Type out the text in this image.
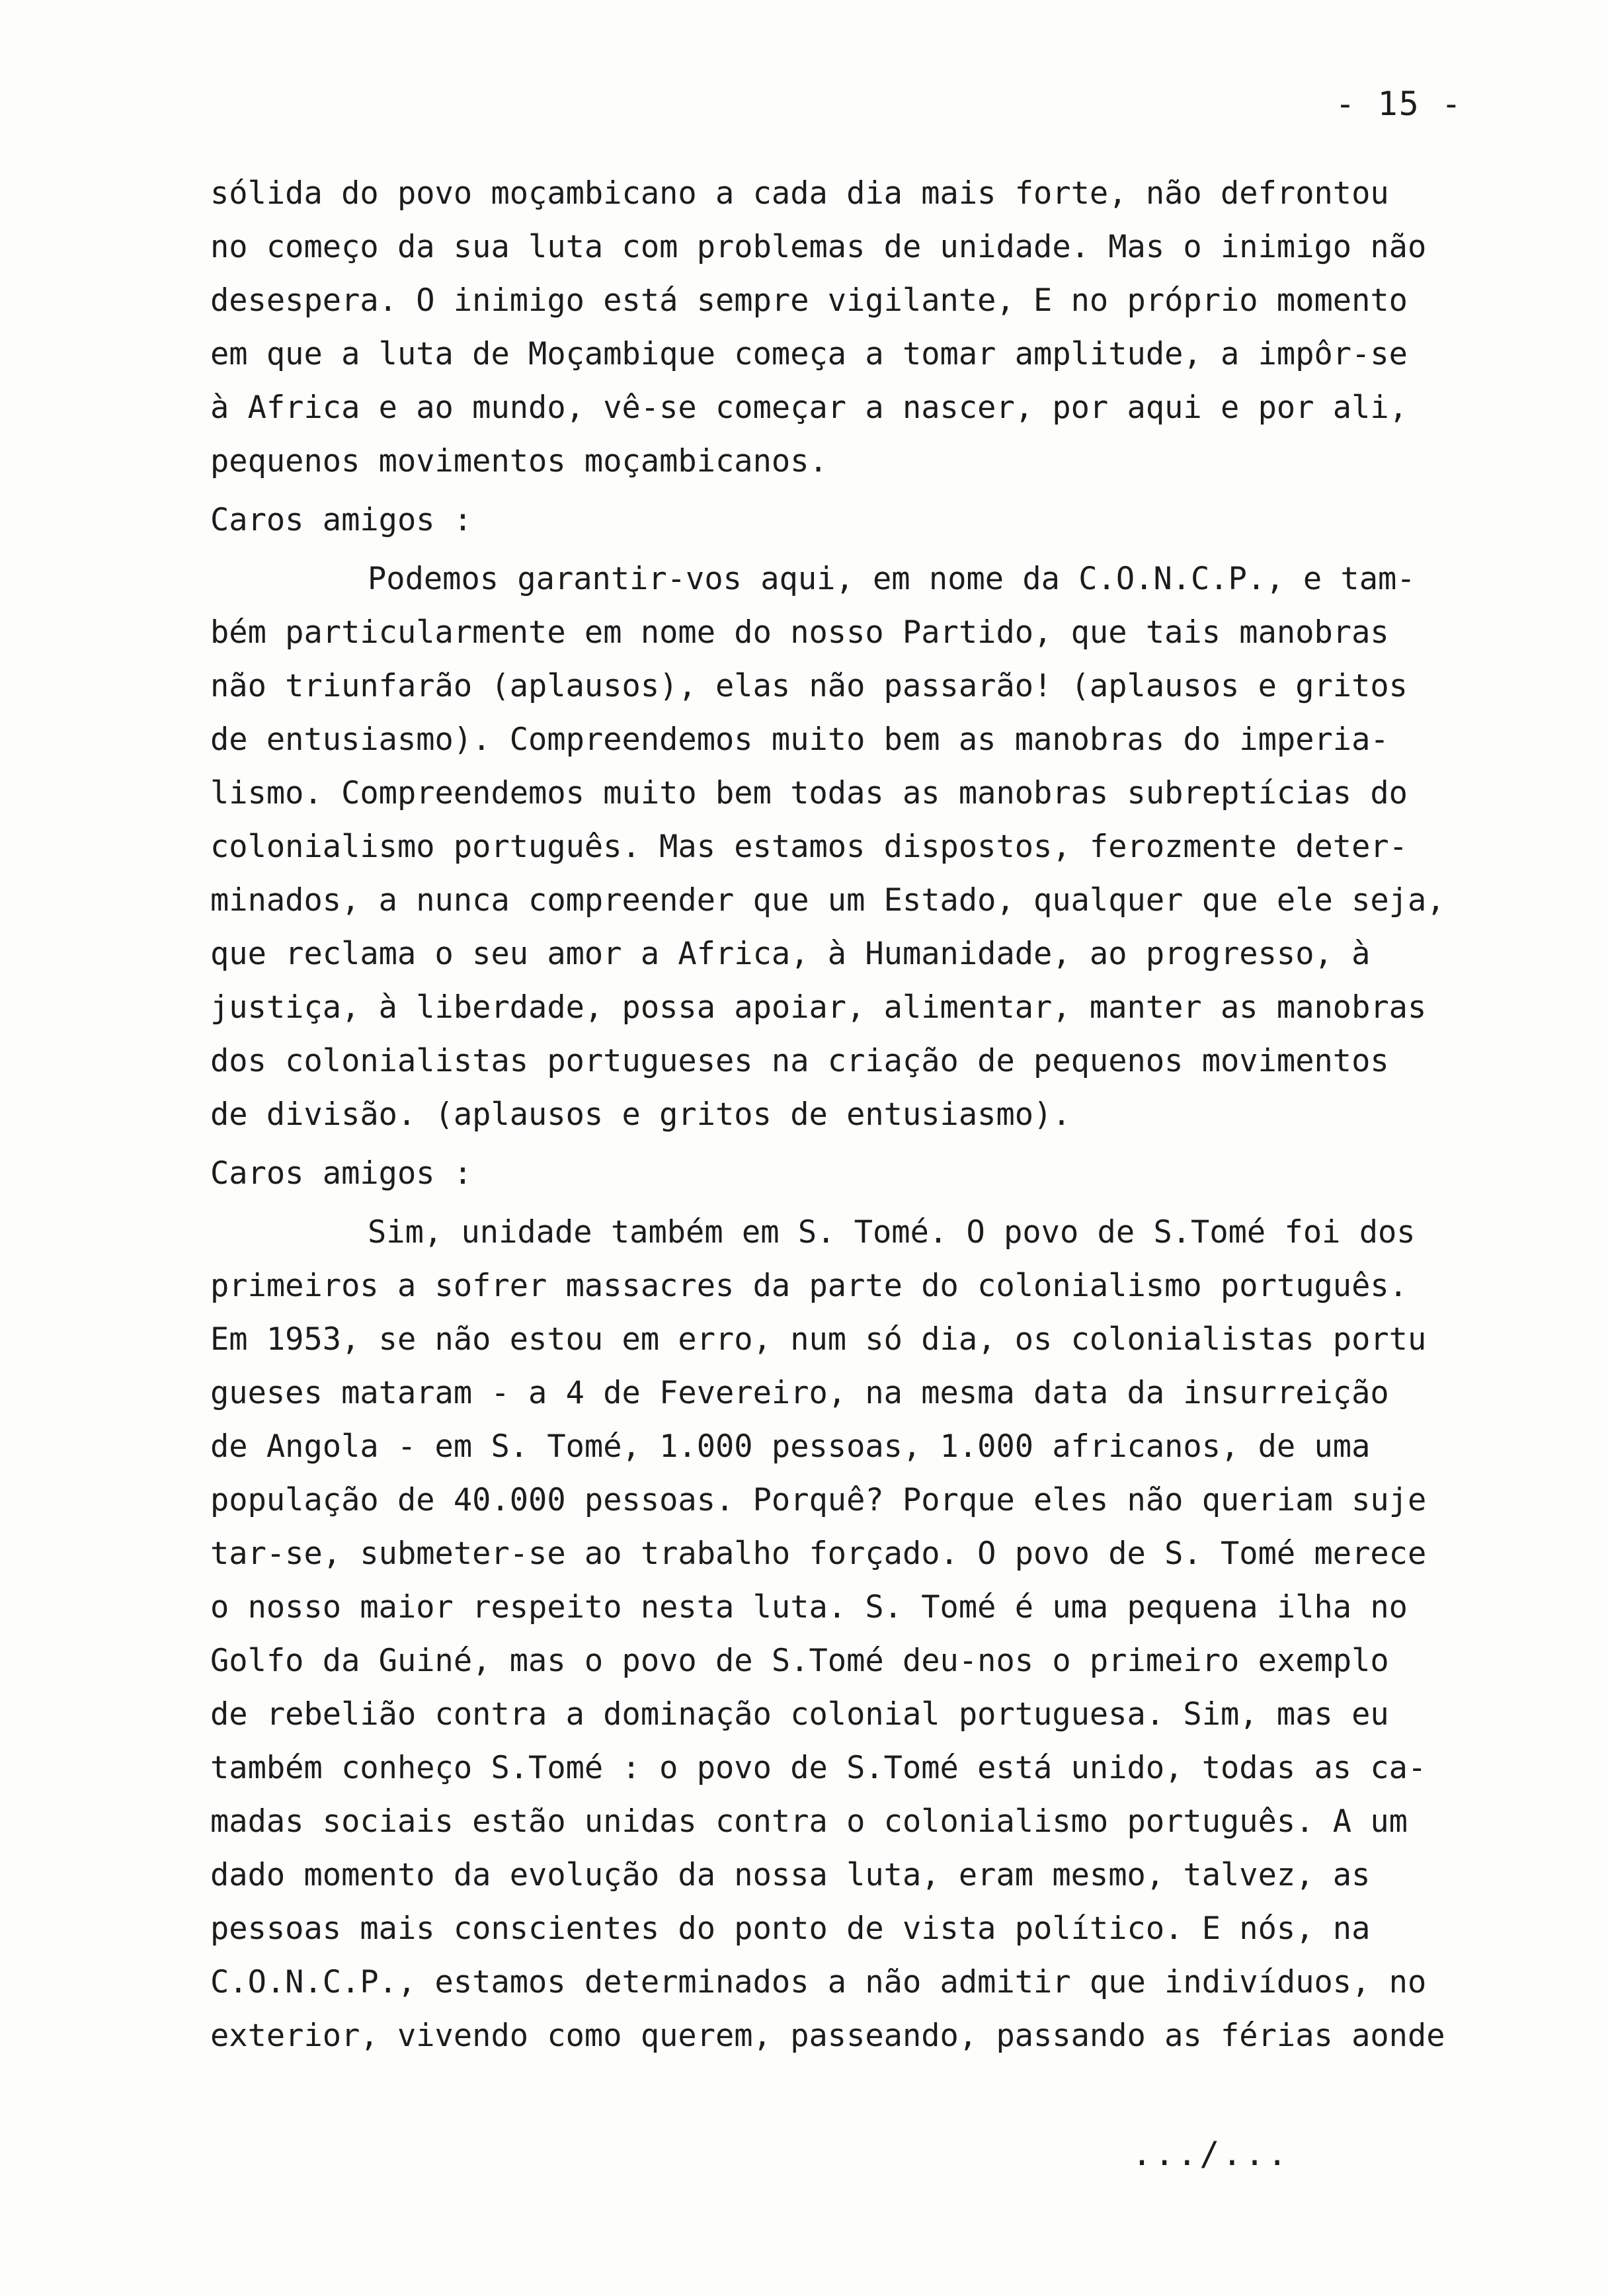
- 15 -
sólida do povo moçambicano a cada dia mais forte, não defrontou
no começo da sua luta com problemas de unidade. Mas o inimigo não
desespera. O inimigo está sempre vigilante, E no próprio momento
em que a luta de Moçambique começa a tomar amplitude, a impôr-se
à Africa e ao mundo, vê-se começar a nascer, por aqui e por ali,
pequenos movimentos moçambicanos.
Caros amigos :
Podemos garantir-vos aqui, em nome da C.O.N.C.P., e tam-
bém particularmente em nome do nosso Partido, que tais manobras
não triunfarão (aplausos), elas não passarão! (aplausos e gritos
de entusiasmo). Compreendemos muito bem as manobras do imperia-
lismo. Compreendemos muito bem todas as manobras subreptícias do
colonialismo português. Mas estamos dispostos, ferozmente deter-
minados, a nunca compreender que um Estado, qualquer que ele seja,
que reclama o seu amor a Africa, à Humanidade, ao progresso, à
justiça, à liberdade, possa apoiar, alimentar, manter as manobras
dos colonialistas portugueses na criação de pequenos movimentos
de divisão. (aplausos e gritos de entusiasmo).
Caros amigos :
Sim, unidade também em S. Tomé. O povo de S.Tomé foi dos
primeiros a sofrer massacres da parte do colonialismo português.
Em 1953, se não estou em erro, num só dia, os colonialistas portu
gueses mataram - a 4 de Fevereiro, na mesma data da insurreição
de Angola - em S. Tomé, 1.000 pessoas, 1.000 africanos, de uma
população de 40.000 pessoas. Porquê? Porque eles não queriam suje
tar-se, submeter-se ao trabalho forçado. O povo de S. Tomé merece
o nosso maior respeito nesta luta. S. Tomé é uma pequena ilha no
Golfo da Guiné, mas o povo de S.Tomé deu-nos o primeiro exemplo
de rebelião contra a dominação colonial portuguesa. Sim, mas eu
também conheço S.Tomé : o povo de S.Tomé está unido, todas as ca-
madas sociais estão unidas contra o colonialismo português. A um
dado momento da evolução da nossa luta, eram mesmo, talvez, as
pessoas mais conscientes do ponto de vista político. E nós, na
C.O.N.C.P., estamos determinados a não admitir que indivíduos, no
exterior, vivendo como querem, passeando, passando as férias aonde
.../...
